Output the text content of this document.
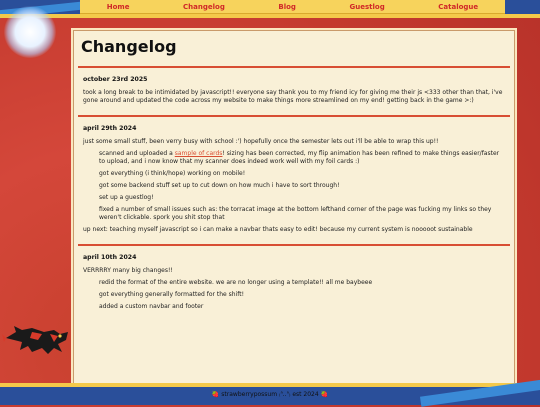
Home	Changelog	Blog	Guestlog	Catalogue
Changelog
october 23rd 2025

took a long break to be intimidated by javascript!! everyone say thank you to my friend icy for giving me their js <333 other than that, i've gone around and updated the code across my website to make things more streamlined on my end! getting back in the game >:)

april 29th 2024

just some small stuff, been verry busy with school :') hopefully once the semester lets out i'll be able to wrap this up!!

scanned and uploaded a sample of cards! sizing has been corrected, my flip animation has been refined to make things easier/faster to upload, and i now know that my scanner does indeed work well with my foil cards :)

got everything (i think/hope) working on mobile!

got some backend stuff set up to cut down on how much i have to sort through!

set up a guestlog!

fixed a number of small issues such as: the torracat image at the bottom lefthand corner of the page was fucking my links so they weren't clickable. spork you shit stop that

up next: teaching myself javascript so i can make a navbar thats easy to edit! because my current system is nooooot sustainable

april 10th 2024

VERRRRY many big changes!!

redid the format of the entire website. we are no longer using a template!! all me baybeee

got everything generally formatted for the shift!

added a custom navbar and footer

🍓 strawberrypossum ₍ᐢ..ᐢ₎ est 2024 🍓
